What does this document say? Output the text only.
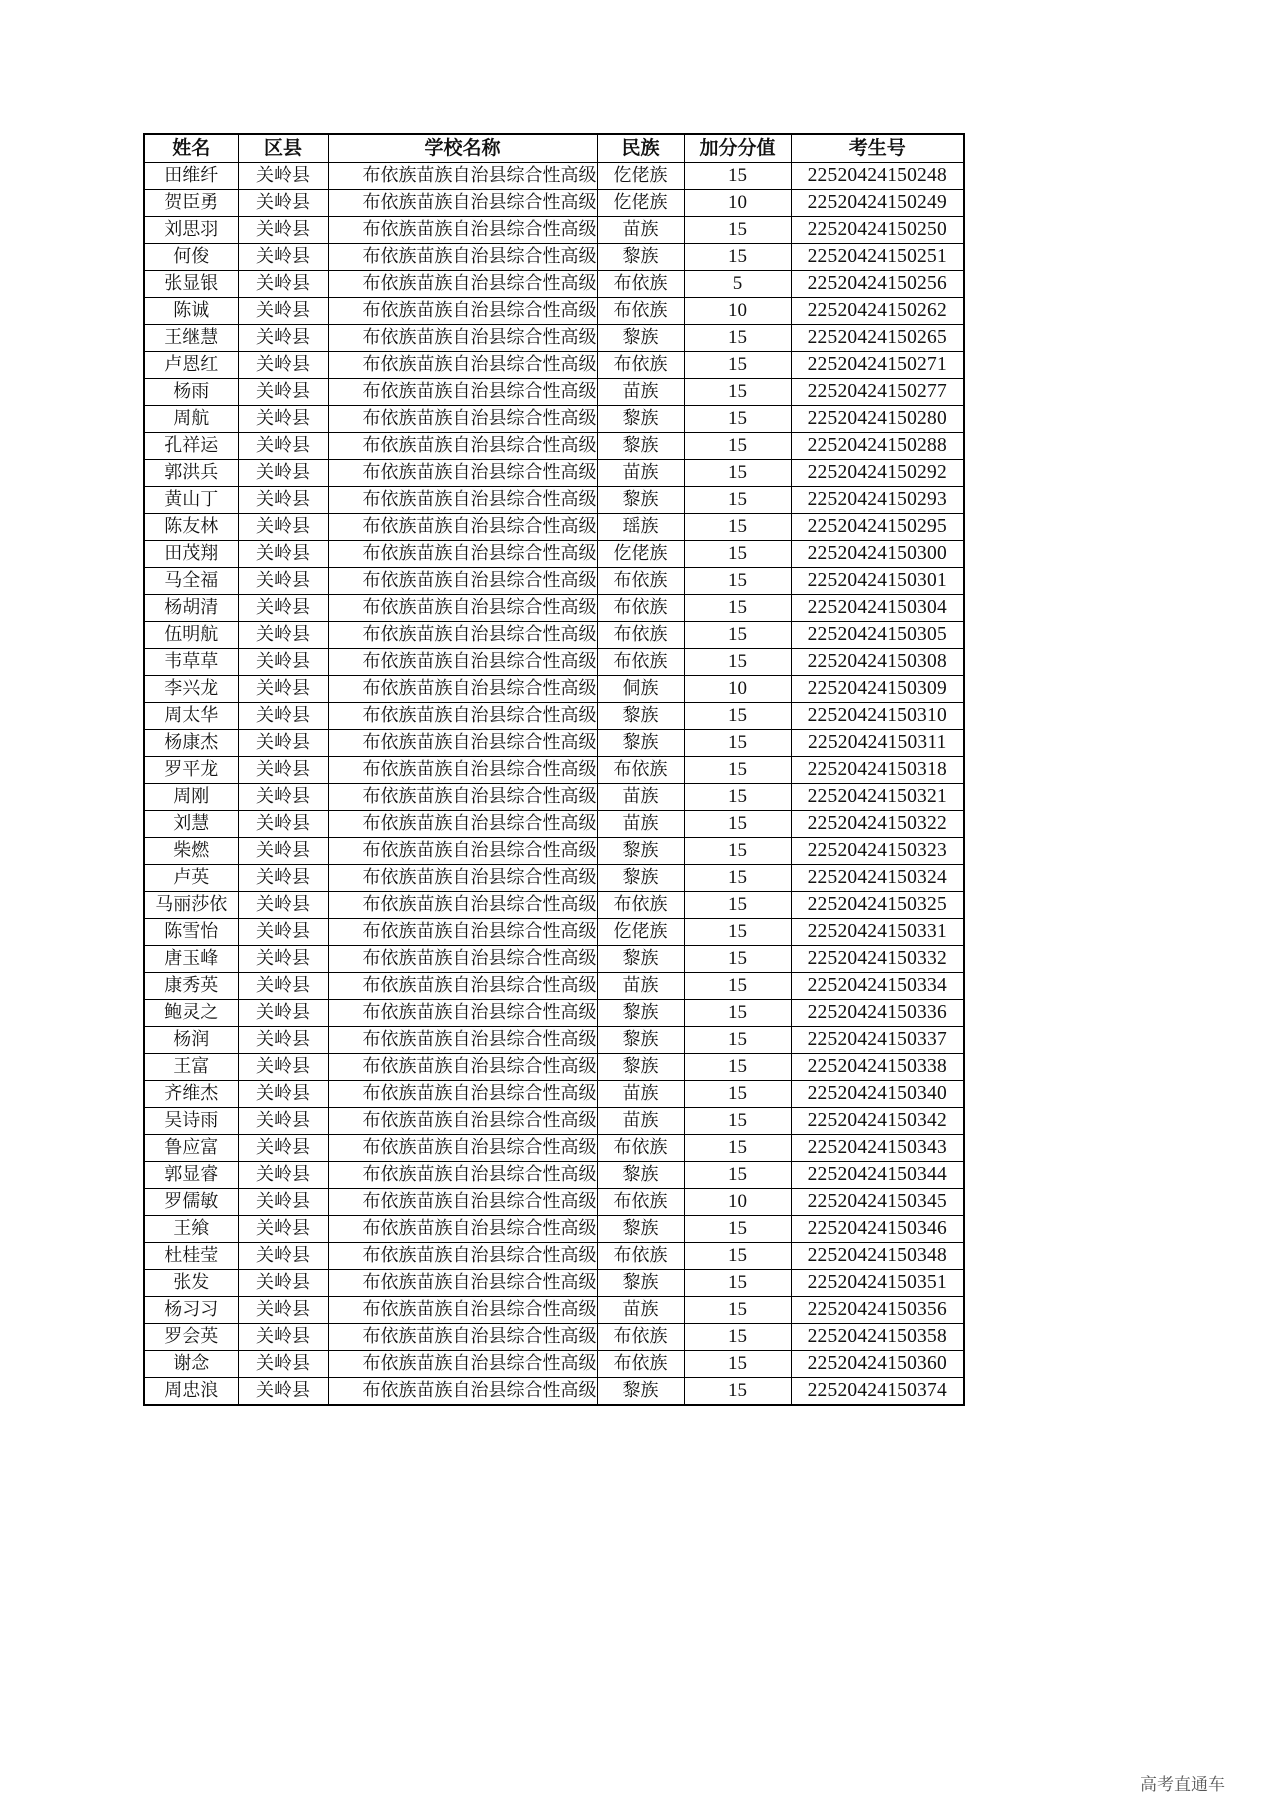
姓名	区县	学校名称	民族	加分分值	考生号
田维纤	关岭县	布依族苗族自治县综合性高级	仡佬族	15	22520424150248
贺臣勇	关岭县	布依族苗族自治县综合性高级	仡佬族	10	22520424150249
刘思羽	关岭县	布依族苗族自治县综合性高级	苗族	15	22520424150250
何俊	关岭县	布依族苗族自治县综合性高级	黎族	15	22520424150251
张显银	关岭县	布依族苗族自治县综合性高级	布依族	5	22520424150256
陈诚	关岭县	布依族苗族自治县综合性高级	布依族	10	22520424150262
王继慧	关岭县	布依族苗族自治县综合性高级	黎族	15	22520424150265
卢恩红	关岭县	布依族苗族自治县综合性高级	布依族	15	22520424150271
杨雨	关岭县	布依族苗族自治县综合性高级	苗族	15	22520424150277
周航	关岭县	布依族苗族自治县综合性高级	黎族	15	22520424150280
孔祥运	关岭县	布依族苗族自治县综合性高级	黎族	15	22520424150288
郭洪兵	关岭县	布依族苗族自治县综合性高级	苗族	15	22520424150292
黄山丁	关岭县	布依族苗族自治县综合性高级	黎族	15	22520424150293
陈友林	关岭县	布依族苗族自治县综合性高级	瑶族	15	22520424150295
田茂翔	关岭县	布依族苗族自治县综合性高级	仡佬族	15	22520424150300
马全福	关岭县	布依族苗族自治县综合性高级	布依族	15	22520424150301
杨胡清	关岭县	布依族苗族自治县综合性高级	布依族	15	22520424150304
伍明航	关岭县	布依族苗族自治县综合性高级	布依族	15	22520424150305
韦草草	关岭县	布依族苗族自治县综合性高级	布依族	15	22520424150308
李兴龙	关岭县	布依族苗族自治县综合性高级	侗族	10	22520424150309
周太华	关岭县	布依族苗族自治县综合性高级	黎族	15	22520424150310
杨康杰	关岭县	布依族苗族自治县综合性高级	黎族	15	22520424150311
罗平龙	关岭县	布依族苗族自治县综合性高级	布依族	15	22520424150318
周刚	关岭县	布依族苗族自治县综合性高级	苗族	15	22520424150321
刘慧	关岭县	布依族苗族自治县综合性高级	苗族	15	22520424150322
柴燃	关岭县	布依族苗族自治县综合性高级	黎族	15	22520424150323
卢英	关岭县	布依族苗族自治县综合性高级	黎族	15	22520424150324
马丽莎依	关岭县	布依族苗族自治县综合性高级	布依族	15	22520424150325
陈雪怡	关岭县	布依族苗族自治县综合性高级	仡佬族	15	22520424150331
唐玉峰	关岭县	布依族苗族自治县综合性高级	黎族	15	22520424150332
康秀英	关岭县	布依族苗族自治县综合性高级	苗族	15	22520424150334
鲍灵之	关岭县	布依族苗族自治县综合性高级	黎族	15	22520424150336
杨润	关岭县	布依族苗族自治县综合性高级	黎族	15	22520424150337
王富	关岭县	布依族苗族自治县综合性高级	黎族	15	22520424150338
齐维杰	关岭县	布依族苗族自治县综合性高级	苗族	15	22520424150340
吴诗雨	关岭县	布依族苗族自治县综合性高级	苗族	15	22520424150342
鲁应富	关岭县	布依族苗族自治县综合性高级	布依族	15	22520424150343
郭显睿	关岭县	布依族苗族自治县综合性高级	黎族	15	22520424150344
罗儒敏	关岭县	布依族苗族自治县综合性高级	布依族	10	22520424150345
王飨	关岭县	布依族苗族自治县综合性高级	黎族	15	22520424150346
杜桂莹	关岭县	布依族苗族自治县综合性高级	布依族	15	22520424150348
张发	关岭县	布依族苗族自治县综合性高级	黎族	15	22520424150351
杨习习	关岭县	布依族苗族自治县综合性高级	苗族	15	22520424150356
罗会英	关岭县	布依族苗族自治县综合性高级	布依族	15	22520424150358
谢念	关岭县	布依族苗族自治县综合性高级	布依族	15	22520424150360
周忠浪	关岭县	布依族苗族自治县综合性高级	黎族	15	22520424150374
高考直通车
